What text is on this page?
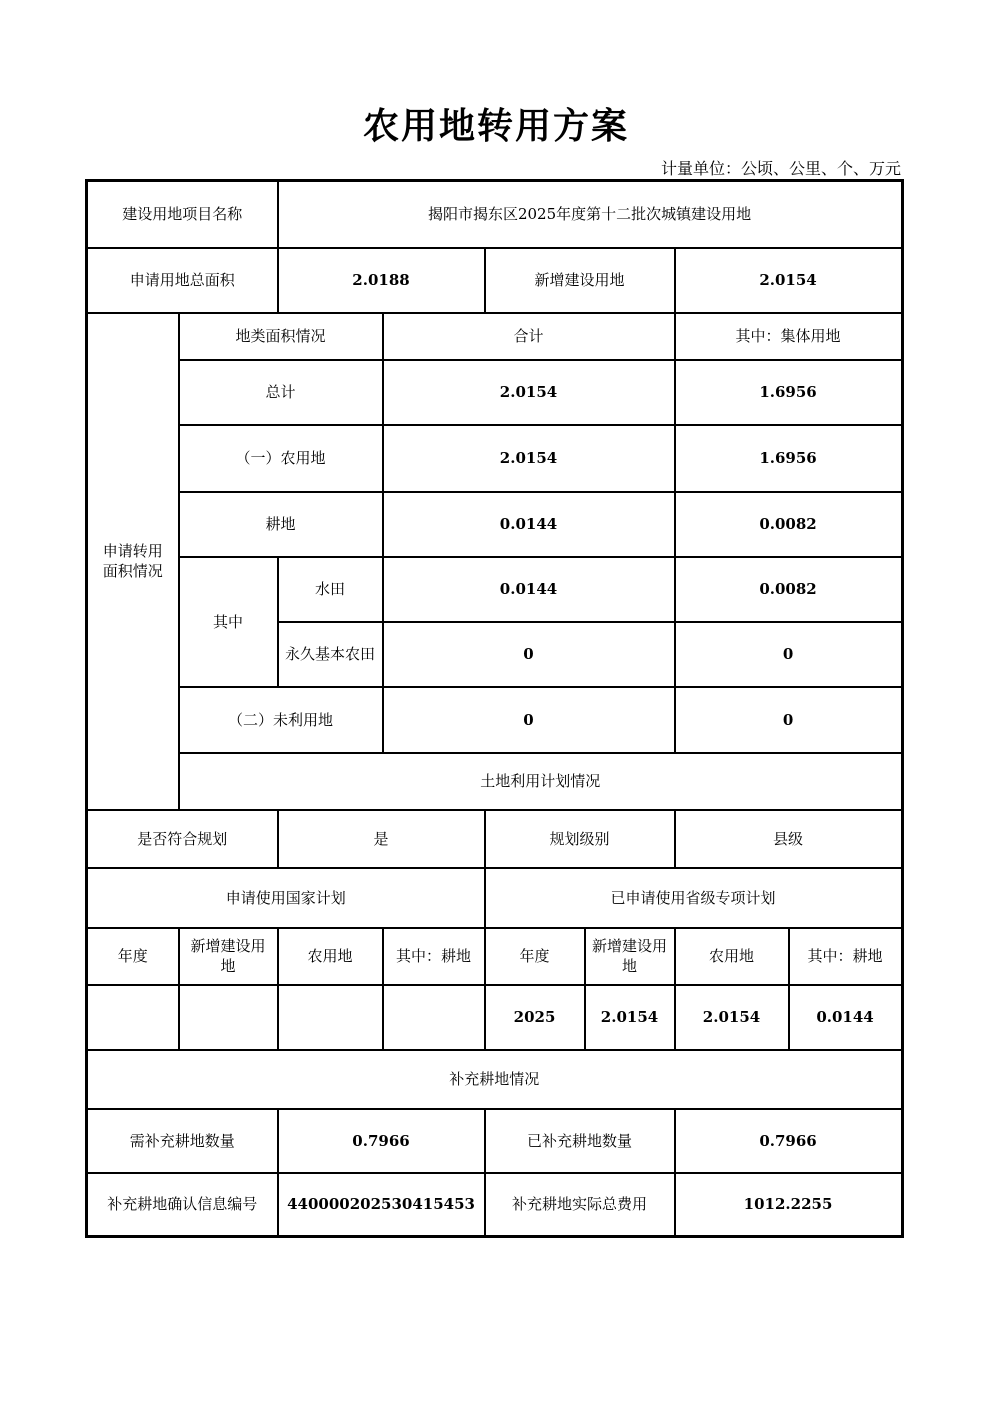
农用地转用方案
计量单位：公顷、公里、个、万元
建设用地项目名称		揭阳市揭东区2025年度第十二批次城镇建设用地					
申请用地总面积		2.0188		新增建设用地		2.0154	
申请转用面积情况	地类面积情况		合计			其中：集体用地	
	总计		2.0154			1.6956	
	（一）农用地		2.0154			1.6956	
	耕地		0.0144			0.0082	
	其中	水田	0.0144			0.0082	
		永久基本农田	0			0	
	（二）未利用地		0			0	
	土地利用计划情况						
是否符合规划		是		规划级别		县级	
申请使用国家计划				已申请使用省级专项计划			
年度	新增建设用地	农用地	其中：耕地	年度	新增建设用地	农用地	其中：耕地
				2025	2.0154	2.0154	0.0144
补充耕地情况							
需补充耕地数量		0.7966		已补充耕地数量		0.7966	
补充耕地确认信息编号		440000202530415453		补充耕地实际总费用		1012.2255	
